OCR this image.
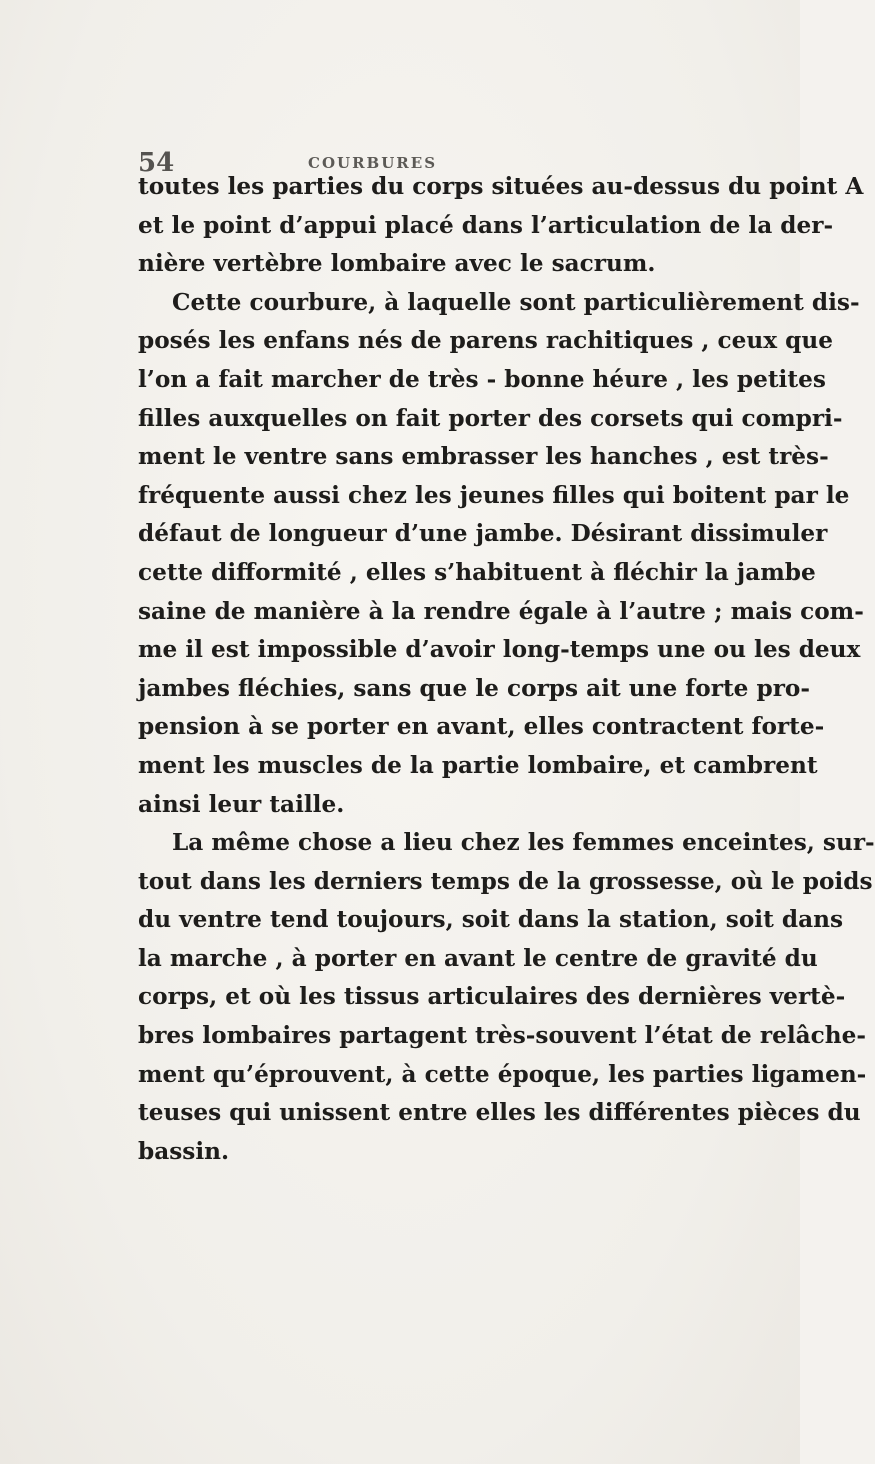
54	COURBURES
toutes les parties du corps situées au-dessus du point A
et le point d’appui placé dans l’articulation de la der-
nière vertèbre lombaire avec le sacrum.
Cette courbure, à laquelle sont particulièrement dis-
posés les enfans nés de parens rachitiques , ceux que
l’on a fait marcher de très - bonne héure , les petites
filles auxquelles on fait porter des corsets qui compri-
ment le ventre sans embrasser les hanches , est très-
fréquente aussi chez les jeunes filles qui boitent par le
défaut de longueur d’une jambe. Désirant dissimuler
cette difformité , elles s’habituent à fléchir la jambe
saine de manière à la rendre égale à l’autre ; mais com-
me il est impossible d’avoir long-temps une ou les deux
jambes fléchies, sans que le corps ait une forte pro-
pension à se porter en avant, elles contractent forte-
ment les muscles de la partie lombaire, et cambrent
ainsi leur taille.
La même chose a lieu chez les femmes enceintes, sur-
tout dans les derniers temps de la grossesse, où le poids
du ventre tend toujours, soit dans la station, soit dans
la marche , à porter en avant le centre de gravité du
corps, et où les tissus articulaires des dernières vertè-
bres lombaires partagent très-souvent l’état de relâche-
ment qu’éprouvent, à cette époque, les parties ligamen-
teuses qui unissent entre elles les différentes pièces du
bassin.
